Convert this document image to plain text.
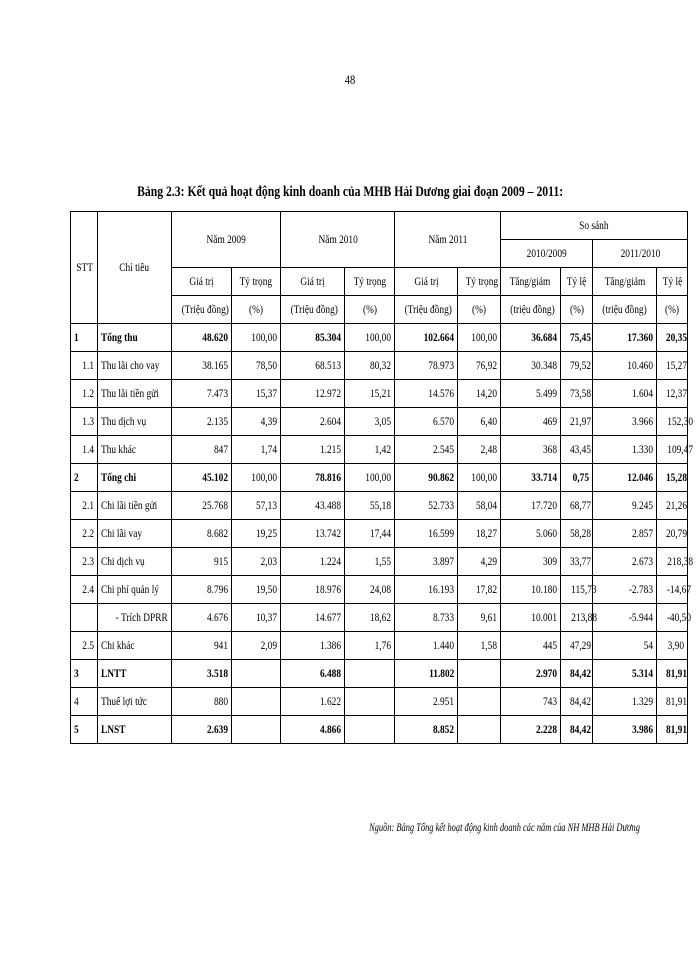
48
Bảng 2.3: Kết quả hoạt động kinh doanh của MHB Hải Dương giai đoạn 2009 – 2011:
STT	Chỉ tiêu	Năm 2009		Năm 2010		Năm 2011		So sánh			
								2010/2009		2011/2010	
		Giá trị	Tỷ trọng	Giá trị	Tỷ trọng	Giá trị	Tỷ trọng	Tăng/giảm	Tỷ lệ	Tăng/giảm	Tỷ lệ
		(Triệu đồng)	(%)	(Triệu đồng)	(%)	(Triệu đồng)	(%)	(triệu đồng)	(%)	(triệu đồng)	(%)
1	Tổng thu	48.620	100,00	85.304	100,00	102.664	100,00	36.684	75,45	17.360	20,35
1.1	Thu lãi cho vay	38.165	78,50	68.513	80,32	78.973	76,92	30.348	79,52	10.460	15,27
1.2	Thu lãi tiền gửi	7.473	15,37	12.972	15,21	14.576	14,20	5.499	73,58	1.604	12,37
1.3	Thu dịch vụ	2.135	4,39	2.604	3,05	6.570	6,40	469	21,97	3.966	152,30
1.4	Thu khác	847	1,74	1.215	1,42	2.545	2,48	368	43,45	1.330	109,47
2	Tổng chi	45.102	100,00	78.816	100,00	90.862	100,00	33.714	0,75	12.046	15,28
2.1	Chi lãi tiền gửi	25.768	57,13	43.488	55,18	52.733	58,04	17.720	68,77	9.245	21,26
2.2	Chi lãi vay	8.682	19,25	13.742	17,44	16.599	18,27	5.060	58,28	2.857	20,79
2.3	Chi dịch vụ	915	2,03	1.224	1,55	3.897	4,29	309	33,77	2.673	218,38
2.4	Chi phí quản lý	8.796	19,50	18.976	24,08	16.193	17,82	10.180	115,73	-2.783	-14,67
	- Trích DPRR	4.676	10,37	14.677	18,62	8.733	9,61	10.001	213,88	-5.944	-40,50
2.5	Chi khác	941	2,09	1.386	1,76	1.440	1,58	445	47,29	54	3,90
3	LNTT	3.518		6.488		11.802		2.970	84,42	5.314	81,91
4	Thuế lợi tức	880		1.622		2.951		743	84,42	1.329	81,91
5	LNST	2.639		4.866		8.852		2.228	84,42	3.986	81,91
Nguồn: Bảng Tổng kết hoạt động kinh doanh các năm của NH MHB Hải Dương
